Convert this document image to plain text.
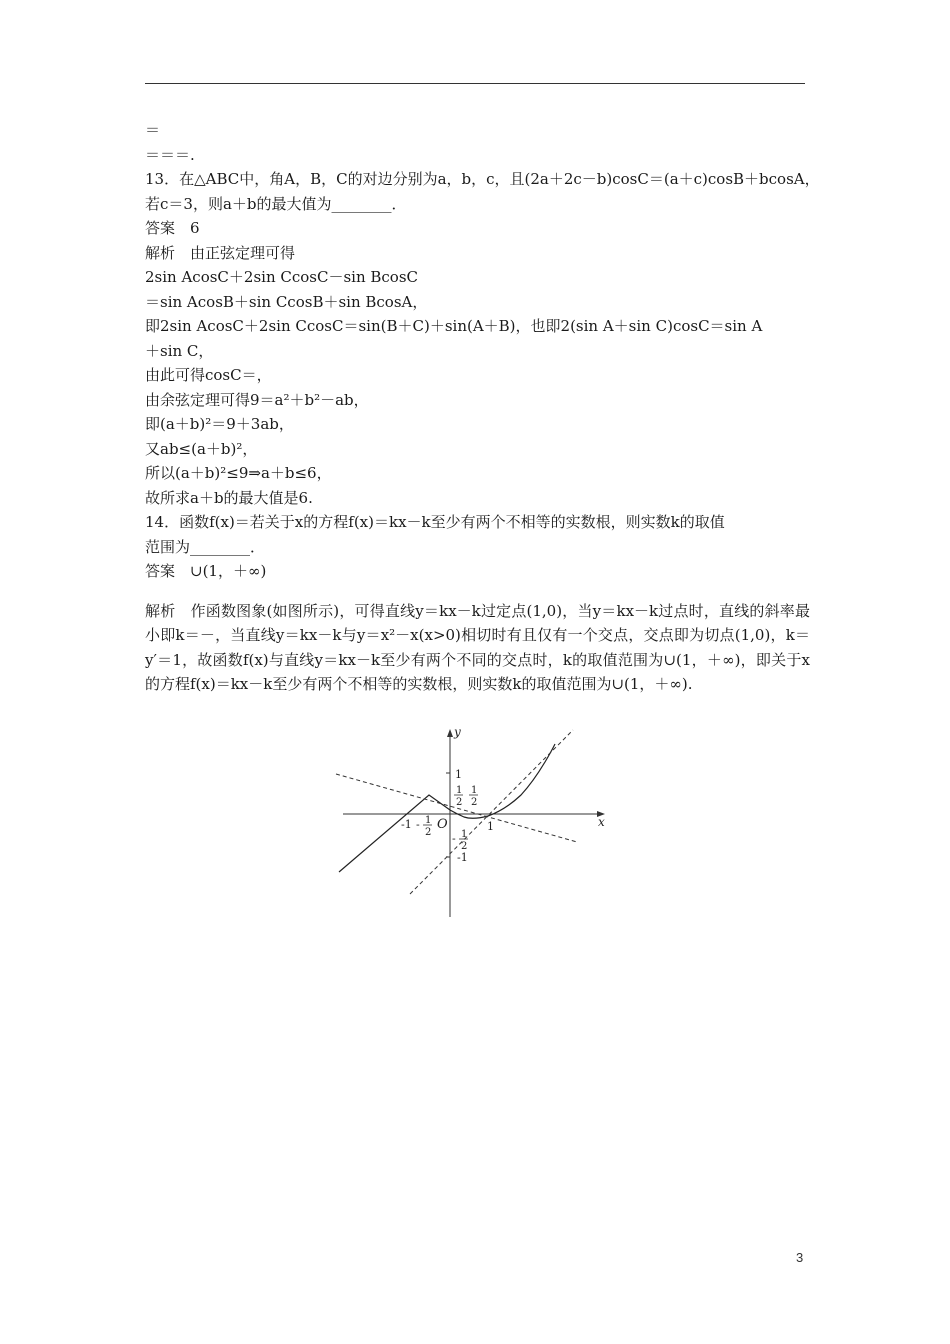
＝

＝＝＝.

13．在△ABC中，角A，B，C的对边分别为a，b，c，且(2a＋2c－b)cosC＝(a＋c)cosB＋bcosA，

若c＝3，则a＋b的最大值为________．

答案　6

解析　由正弦定理可得

2sin AcosC＋2sin CcosC－sin BcosC

＝sin AcosB＋sin CcosB＋sin BcosA，

即2sin AcosC＋2sin CcosC＝sin(B＋C)＋sin(A＋B)，也即2(sin A＋sin C)cosC＝sin A

＋sin C，

由此可得cosC＝，

由余弦定理可得9＝a²＋b²－ab，

即(a＋b)²＝9＋3ab，

又ab≤(a＋b)²，

所以(a＋b)²≤9⇒a＋b≤6，

故所求a＋b的最大值是6.

14．函数f(x)＝若关于x的方程f(x)＝kx－k至少有两个不相等的实数根，则实数k的取值

范围为________．

答案　∪(1，＋∞)

解析　作函数图象(如图所示)，可得直线y＝kx－k过定点(1,0)，当y＝kx－k过点时，直线的斜率最小即k＝－，当直线y＝kx－k与y＝x²－x(x>0)相切时有且仅有一个交点，交点即为切点(1,0)，k＝y′＝1，故函数f(x)与直线y＝kx－k至少有两个不同的交点时，k的取值范围为∪(1，＋∞)，即关于x的方程f(x)＝kx－k至少有两个不相等的实数根，则实数k的取值范围为∪(1，＋∞).

y
x
O
1
-1
-1	1
- 1
2
1
2
1
2
- 1
2
3
